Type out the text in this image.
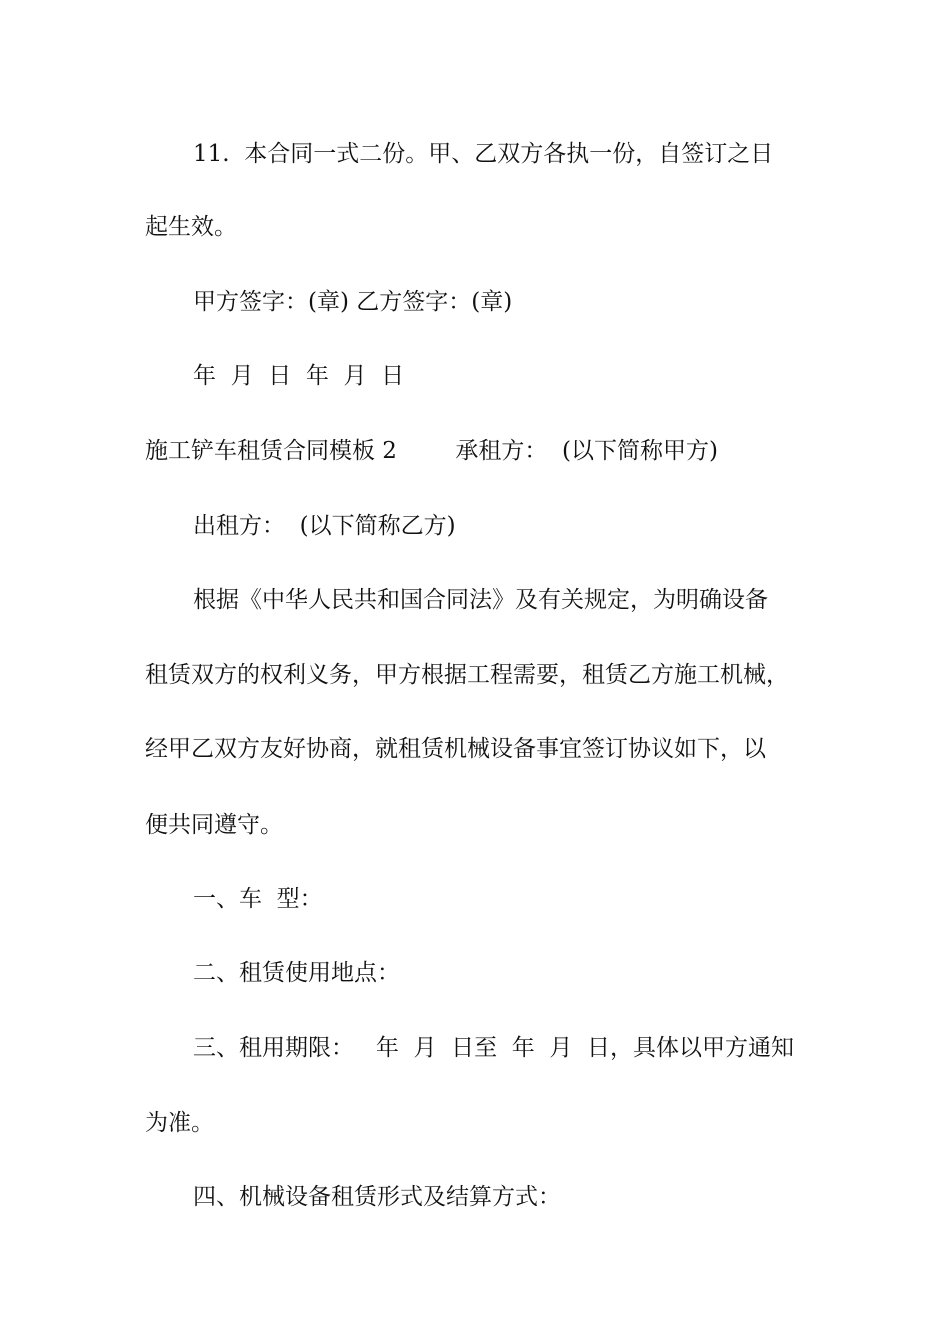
11.  本合同一式二份。甲、乙双方各执一份，自签订之日
起生效。
甲方签字：(章) 乙方签字：(章)
年  月  日  年  月  日
施工铲车租赁合同模板 2        承租方：  (以下简称甲方)
出租方：  (以下简称乙方)
根据《中华人民共和国合同法》及有关规定，为明确设备
租赁双方的权利义务，甲方根据工程需要，租赁乙方施工机械，
经甲乙双方友好协商，就租赁机械设备事宜签订协议如下，以
便共同遵守。
一、车  型：
二、租赁使用地点：
三、租用期限：   年  月  日至  年  月  日，具体以甲方通知
为准。
四、机械设备租赁形式及结算方式：
